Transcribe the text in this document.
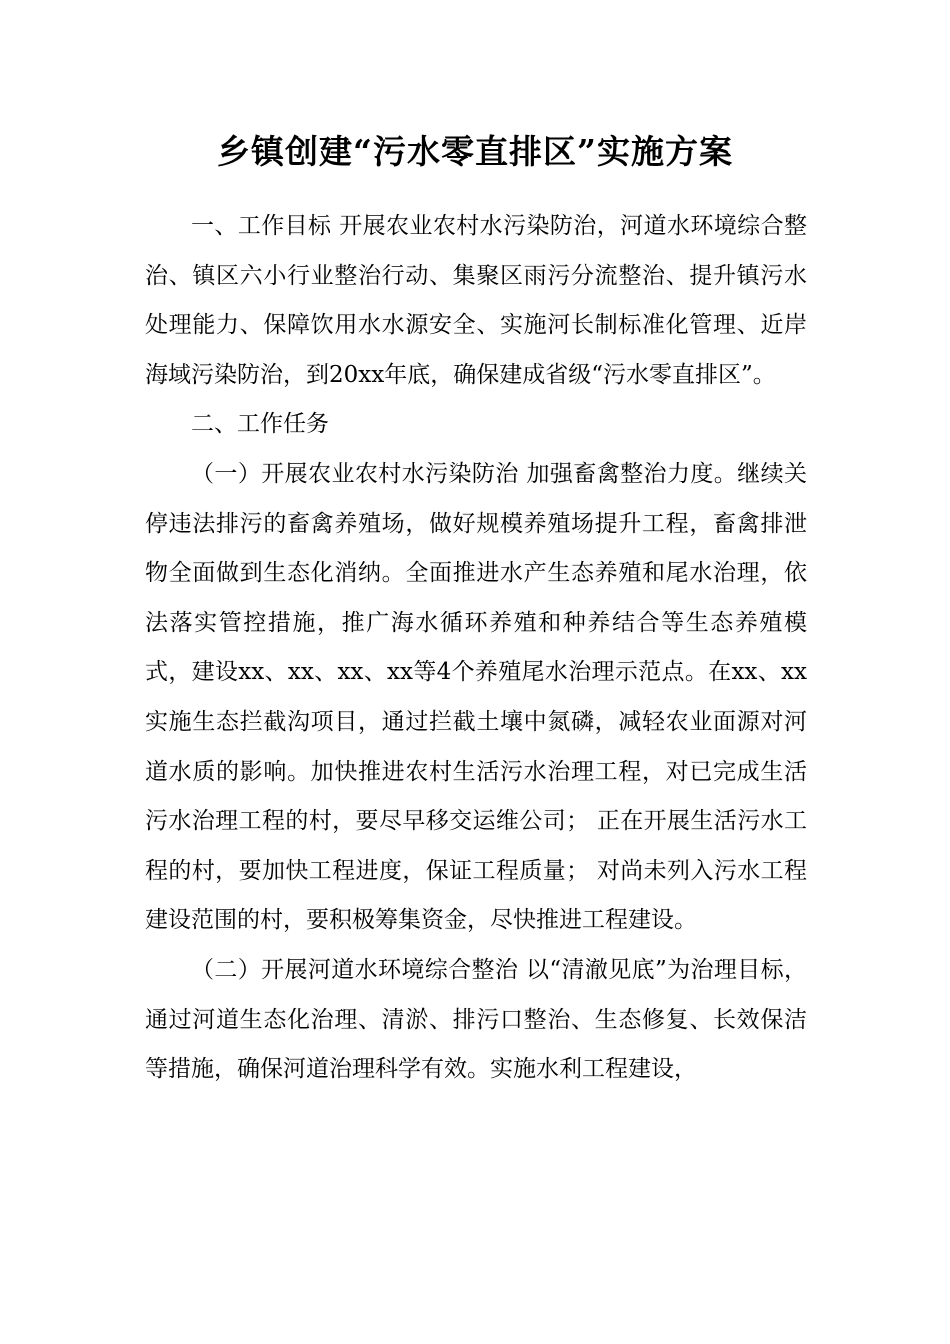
乡镇创建“污水零直排区”实施方案

一、工作目标 开展农业农村水污染防治，河道水环境综合整治、镇区六小行业整治行动、集聚区雨污分流整治、提升镇污水处理能力、保障饮用水水源安全、实施河长制标准化管理、近岸海域污染防治，到20xx年底，确保建成省级“污水零直排区”。

二、工作任务

（一）开展农业农村水污染防治 加强畜禽整治力度。继续关停违法排污的畜禽养殖场，做好规模养殖场提升工程，畜禽排泄物全面做到生态化消纳。全面推进水产生态养殖和尾水治理，依法落实管控措施，推广海水循环养殖和种养结合等生态养殖模式，建设xx、xx、xx、xx等4个养殖尾水治理示范点。在xx、xx实施生态拦截沟项目，通过拦截土壤中氮磷，减轻农业面源对河道水质的影响。加快推进农村生活污水治理工程，对已完成生活污水治理工程的村，要尽早移交运维公司； 正在开展生活污水工程的村，要加快工程进度，保证工程质量； 对尚未列入污水工程建设范围的村，要积极筹集资金，尽快推进工程建设。

（二）开展河道水环境综合整治 以“清澈见底”为治理目标，通过河道生态化治理、清淤、排污口整治、生态修复、长效保洁等措施，确保河道治理科学有效。实施水利工程建设，
